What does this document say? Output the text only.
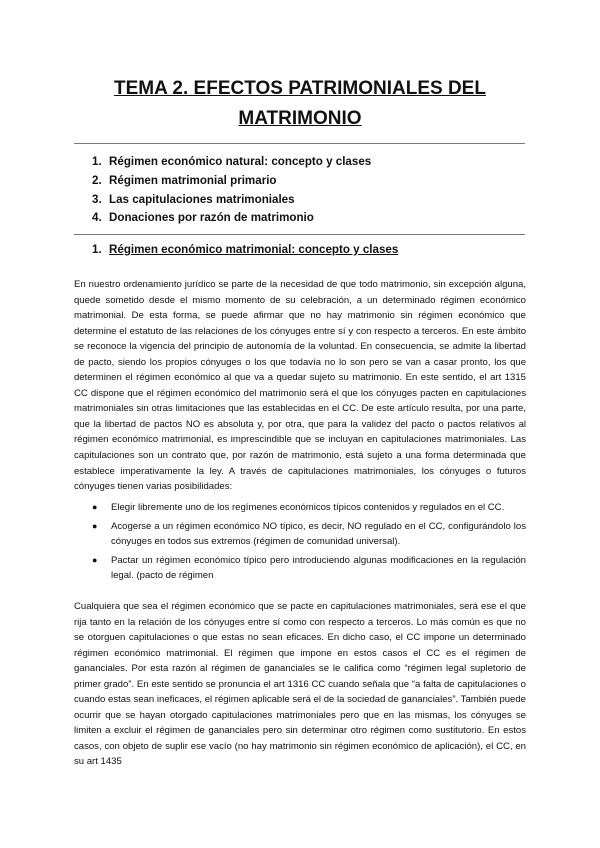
TEMA 2. EFECTOS PATRIMONIALES DEL
MATRIMONIO
1. Régimen económico natural: concepto y clases
2. Régimen matrimonial primario
3. Las capitulaciones matrimoniales
4. Donaciones por razón de matrimonio
1. Régimen económico matrimonial: concepto y clases

En nuestro ordenamiento jurídico se parte de la necesidad de que todo matrimonio, sin excepción alguna, quede sometido desde el mismo momento de su celebración, a un determinado régimen económico matrimonial. De esta forma, se puede afirmar que no hay matrimonio sin régimen económico que determine el estatuto de las relaciones de los cónyuges entre sí y con respecto a terceros. En este ámbito se reconoce la vigencia del principio de autonomía de la voluntad. En consecuencia, se admite la libertad de pacto, siendo los propios cónyuges o los que todavía no lo son pero se van a casar pronto, los que determinen el régimen económico al que va a quedar sujeto su matrimonio. En este sentido, el art 1315 CC dispone que el régimen económico del matrimonio será el que los cónyuges pacten en capitulaciones matrimoniales sin otras limitaciones que las establecidas en el CC. De este artículo resulta, por una parte, que la libertad de pactos NO es absoluta y, por otra, que para la validez del pacto o pactos relativos al régimen económico matrimonial, es imprescindible que se incluyan en capitulaciones matrimoniales. Las capitulaciones son un contrato que, por razón de matrimonio, está sujeto a una forma determinada que establece imperativamente la ley. A través de capitulaciones matrimoniales, los cónyuges o futuros cónyuges tienen varias posibilidades:

● Elegir libremente uno de los regímenes económicos típicos contenidos y regulados en el CC.
● Acogerse a un régimen económico NO típico, es decir, NO regulado en el CC, configurándolo los cónyuges en todos sus extremos (régimen de comunidad universal).
● Pactar un régimen económico típico pero introduciendo algunas modificaciones en la regulación legal. (pacto de régimen

Cualquiera que sea el régimen económico que se pacte en capitulaciones matrimoniales, será ese el que rija tanto en la relación de los cónyuges entre sí como con respecto a terceros. Lo más común es que no se otorguen capitulaciones o que estas no sean eficaces. En dicho caso, el CC impone un determinado régimen económico matrimonial. El régimen que impone en estos casos el CC es el régimen de gananciales. Por esta razón al régimen de gananciales se le califica como “régimen legal supletorio de primer grado”. En este sentido se pronuncia el art 1316 CC cuando señala que “a falta de capitulaciones o cuando estas sean ineficaces, el régimen aplicable será el de la sociedad de gananciales”. También puede ocurrir que se hayan otorgado capitulaciones matrimoniales pero que en las mismas, los cónyuges se limiten a excluir el régimen de gananciales pero sin determinar otro régimen como sustitutorio. En estos casos, con objeto de suplir ese vacío (no hay matrimonio sin régimen económico de aplicación), el CC, en su art 1435
